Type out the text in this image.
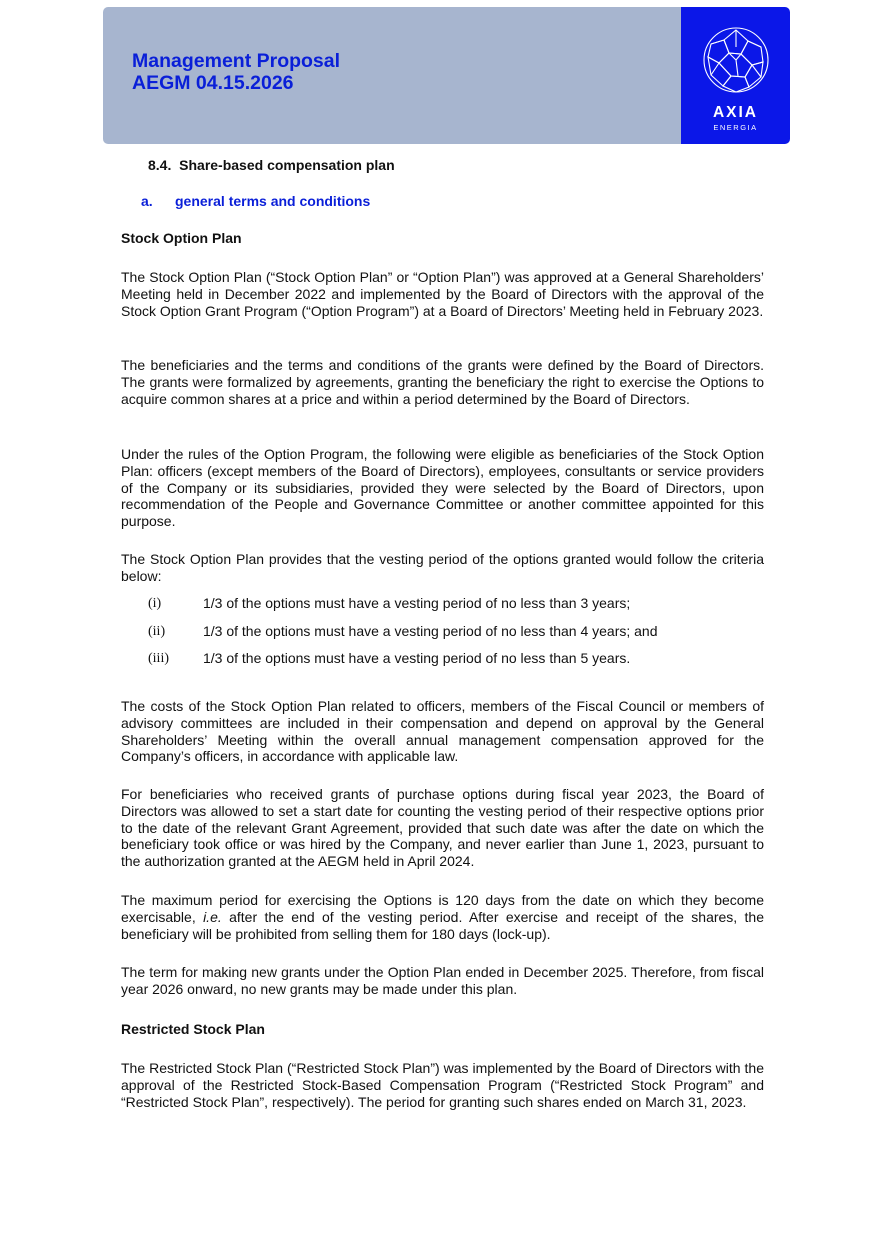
Management Proposal
AEGM 04.15.2026
AXIA
ENERGIA
8.4. Share-based compensation plan
a. general terms and conditions
Stock Option Plan
The Stock Option Plan (“Stock Option Plan” or “Option Plan”) was approved at a General Shareholders’ Meeting held in December 2022 and implemented by the Board of Directors with the approval of the Stock Option Grant Program (“Option Program”) at a Board of Directors’ Meeting held in February 2023.
The beneficiaries and the terms and conditions of the grants were defined by the Board of Directors. The grants were formalized by agreements, granting the beneficiary the right to exercise the Options to acquire common shares at a price and within a period determined by the Board of Directors.
Under the rules of the Option Program, the following were eligible as beneficiaries of the Stock Option Plan: officers (except members of the Board of Directors), employees, consultants or service providers of the Company or its subsidiaries, provided they were selected by the Board of Directors, upon recommendation of the People and Governance Committee or another committee appointed for this purpose.
The Stock Option Plan provides that the vesting period of the options granted would follow the criteria below:
(i)	1/3 of the options must have a vesting period of no less than 3 years;
(ii)	1/3 of the options must have a vesting period of no less than 4 years; and
(iii) 1/3 of the options must have a vesting period of no less than 5 years.
The costs of the Stock Option Plan related to officers, members of the Fiscal Council or members of advisory committees are included in their compensation and depend on approval by the General Shareholders’ Meeting within the overall annual management compensation approved for the Company’s officers, in accordance with applicable law.
For beneficiaries who received grants of purchase options during fiscal year 2023, the Board of Directors was allowed to set a start date for counting the vesting period of their respective options prior to the date of the relevant Grant Agreement, provided that such date was after the date on which the beneficiary took office or was hired by the Company, and never earlier than June 1, 2023, pursuant to the authorization granted at the AEGM held in April 2024.
The maximum period for exercising the Options is 120 days from the date on which they become exercisable, i.e. after the end of the vesting period. After exercise and receipt of the shares, the beneficiary will be prohibited from selling them for 180 days (lock-up).
The term for making new grants under the Option Plan ended in December 2025. Therefore, from fiscal year 2026 onward, no new grants may be made under this plan.
Restricted Stock Plan
The Restricted Stock Plan (“Restricted Stock Plan”) was implemented by the Board of Directors with the approval of the Restricted Stock-Based Compensation Program (“Restricted Stock Program” and “Restricted Stock Plan”, respectively). The period for granting such shares ended on March 31, 2023.
